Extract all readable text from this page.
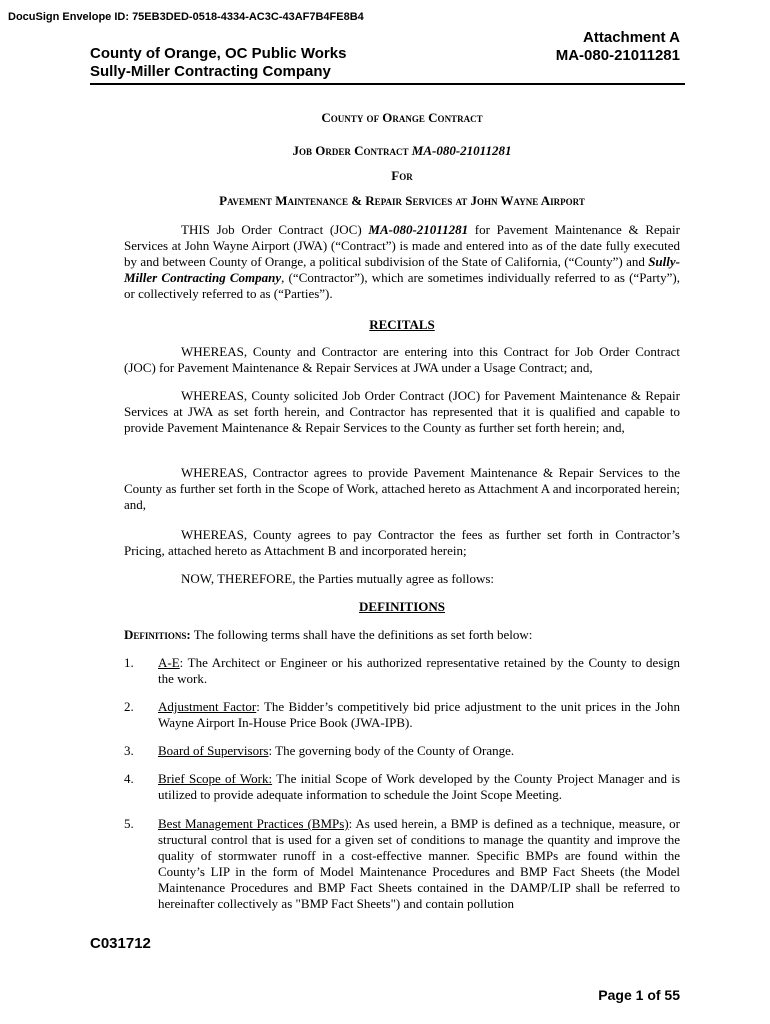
DocuSign Envelope ID: 75EB3DED-0518-4334-AC3C-43AF7B4FE8B4
County of Orange, OC Public Works
Sully-Miller Contracting Company
Attachment A
MA-080-21011281
County of Orange Contract
Job Order Contract MA-080-21011281
For
Pavement Maintenance & Repair Services at John Wayne Airport
THIS Job Order Contract (JOC) MA-080-21011281 for Pavement Maintenance & Repair Services at John Wayne Airport (JWA) (“Contract”) is made and entered into as of the date fully executed by and between County of Orange, a political subdivision of the State of California, (“County”) and Sully-Miller Contracting Company, (“Contractor”), which are sometimes individually referred to as (“Party”), or collectively referred to as (“Parties”).
RECITALS
WHEREAS, County and Contractor are entering into this Contract for Job Order Contract (JOC) for Pavement Maintenance & Repair Services at JWA under a Usage Contract; and,
WHEREAS, County solicited Job Order Contract (JOC) for Pavement Maintenance & Repair Services at JWA as set forth herein, and Contractor has represented that it is qualified and capable to provide Pavement Maintenance & Repair Services to the County as further set forth herein; and,
WHEREAS, Contractor agrees to provide Pavement Maintenance & Repair Services to the County as further set forth in the Scope of Work, attached hereto as Attachment A and incorporated herein; and,
WHEREAS, County agrees to pay Contractor the fees as further set forth in Contractor’s Pricing, attached hereto as Attachment B and incorporated herein;
NOW, THEREFORE, the Parties mutually agree as follows:
DEFINITIONS
Definitions: The following terms shall have the definitions as set forth below:
1. A-E: The Architect or Engineer or his authorized representative retained by the County to design the work.
2. Adjustment Factor: The Bidder’s competitively bid price adjustment to the unit prices in the John Wayne Airport In-House Price Book (JWA-IPB).
3. Board of Supervisors: The governing body of the County of Orange.
4. Brief Scope of Work: The initial Scope of Work developed by the County Project Manager and is utilized to provide adequate information to schedule the Joint Scope Meeting.
5. Best Management Practices (BMPs): As used herein, a BMP is defined as a technique, measure, or structural control that is used for a given set of conditions to manage the quantity and improve the quality of stormwater runoff in a cost-effective manner. Specific BMPs are found within the County’s LIP in the form of Model Maintenance Procedures and BMP Fact Sheets (the Model Maintenance Procedures and BMP Fact Sheets contained in the DAMP/LIP shall be referred to hereinafter collectively as "BMP Fact Sheets") and contain pollution
C031712
Page 1 of 55
